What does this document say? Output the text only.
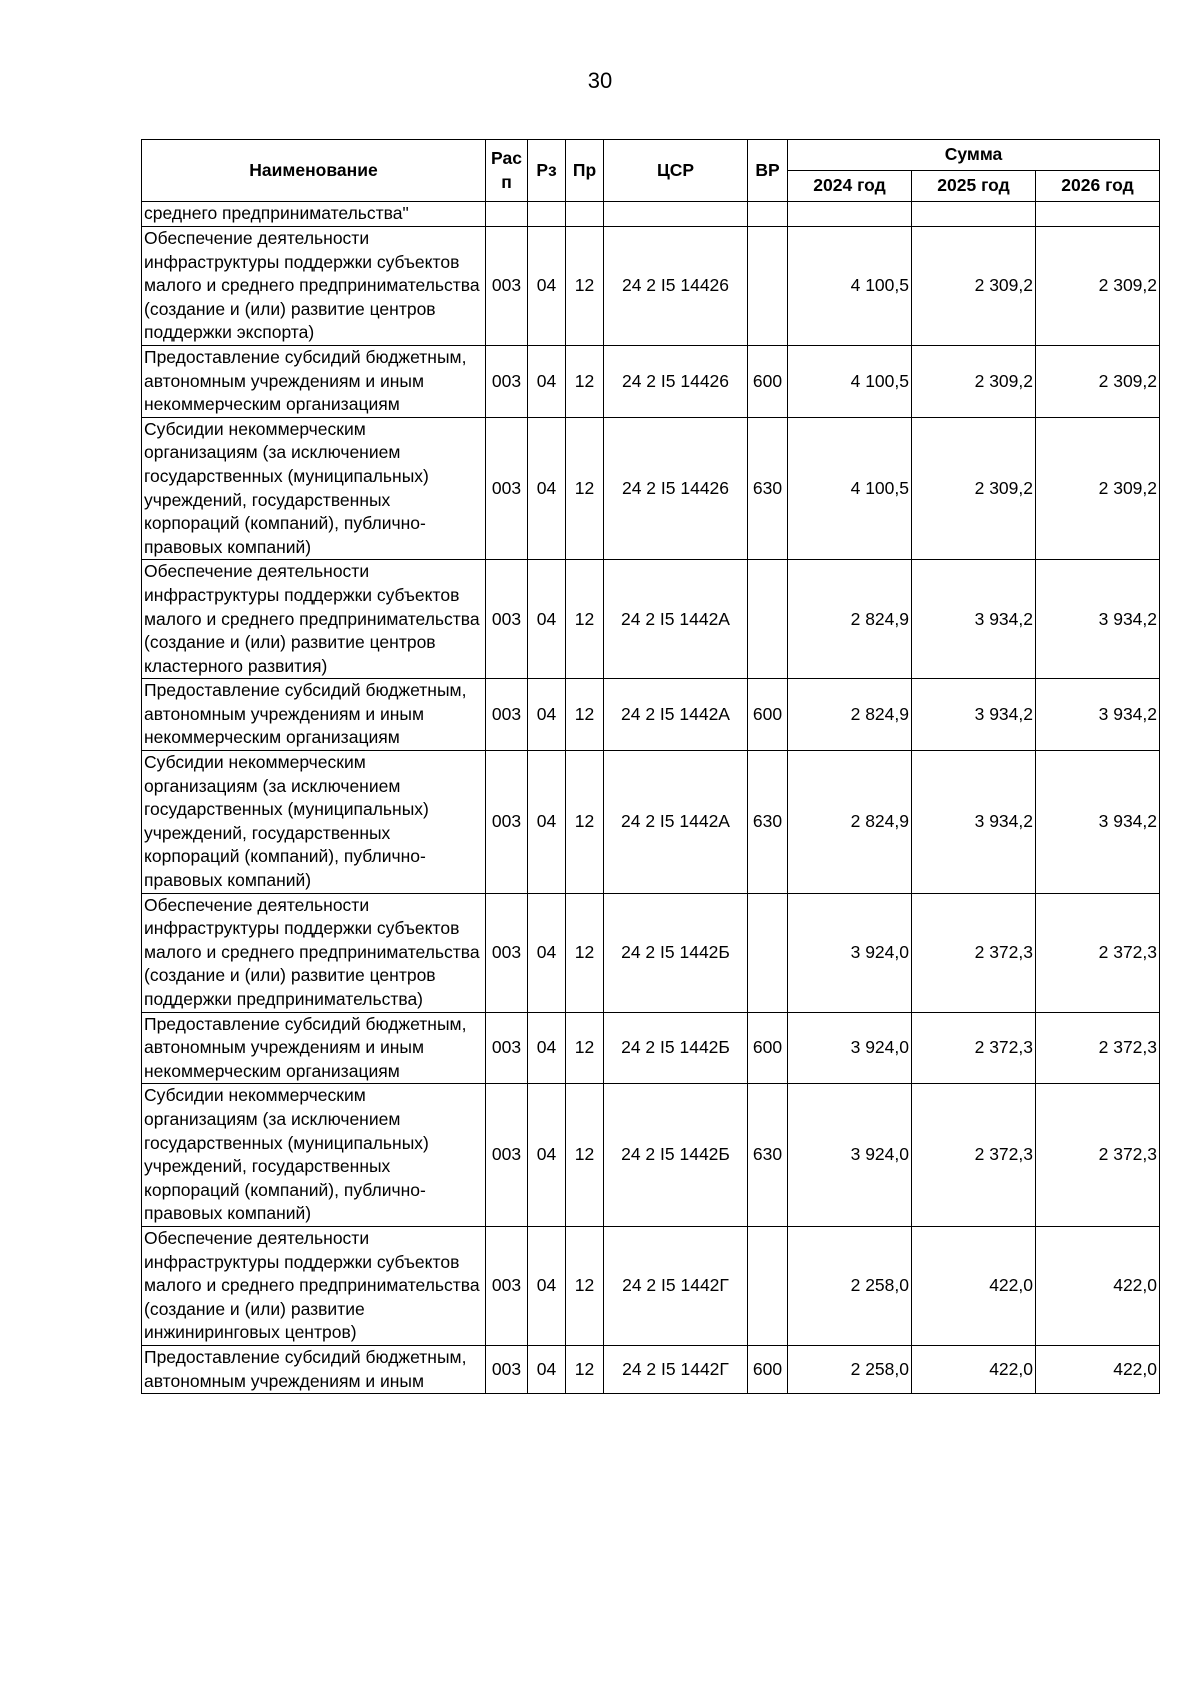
30
Наименование	Рас п	Рз	Пр	ЦСР	ВР	Сумма		
						2024 год	2025 год	2026 год
среднего предпринимательства"								
Обеспечение деятельности инфраструктуры поддержки субъектов малого и среднего предпринимательства (создание и (или) развитие центров поддержки экспорта)	003	04	12	24 2 I5 14426		4 100,5	2 309,2	2 309,2
Предоставление субсидий бюджетным, автономным учреждениям и иным некоммерческим организациям	003	04	12	24 2 I5 14426	600	4 100,5	2 309,2	2 309,2
Субсидии некоммерческим организациям (за исключением государственных (муниципальных) учреждений, государственных корпораций (компаний), публично-правовых компаний)	003	04	12	24 2 I5 14426	630	4 100,5	2 309,2	2 309,2
Обеспечение деятельности инфраструктуры поддержки субъектов малого и среднего предпринимательства (создание и (или) развитие центров кластерного развития)	003	04	12	24 2 I5 1442А		2 824,9	3 934,2	3 934,2
Предоставление субсидий бюджетным, автономным учреждениям и иным некоммерческим организациям	003	04	12	24 2 I5 1442А	600	2 824,9	3 934,2	3 934,2
Субсидии некоммерческим организациям (за исключением государственных (муниципальных) учреждений, государственных корпораций (компаний), публично-правовых компаний)	003	04	12	24 2 I5 1442А	630	2 824,9	3 934,2	3 934,2
Обеспечение деятельности инфраструктуры поддержки субъектов малого и среднего предпринимательства (создание и (или) развитие центров поддержки предпринимательства)	003	04	12	24 2 I5 1442Б		3 924,0	2 372,3	2 372,3
Предоставление субсидий бюджетным, автономным учреждениям и иным некоммерческим организациям	003	04	12	24 2 I5 1442Б	600	3 924,0	2 372,3	2 372,3
Субсидии некоммерческим организациям (за исключением государственных (муниципальных) учреждений, государственных корпораций (компаний), публично-правовых компаний)	003	04	12	24 2 I5 1442Б	630	3 924,0	2 372,3	2 372,3
Обеспечение деятельности инфраструктуры поддержки субъектов малого и среднего предпринимательства (создание и (или) развитие инжиниринговых центров)	003	04	12	24 2 I5 1442Г		2 258,0	422,0	422,0
Предоставление субсидий бюджетным, автономным учреждениям и иным	003	04	12	24 2 I5 1442Г	600	2 258,0	422,0	422,0
